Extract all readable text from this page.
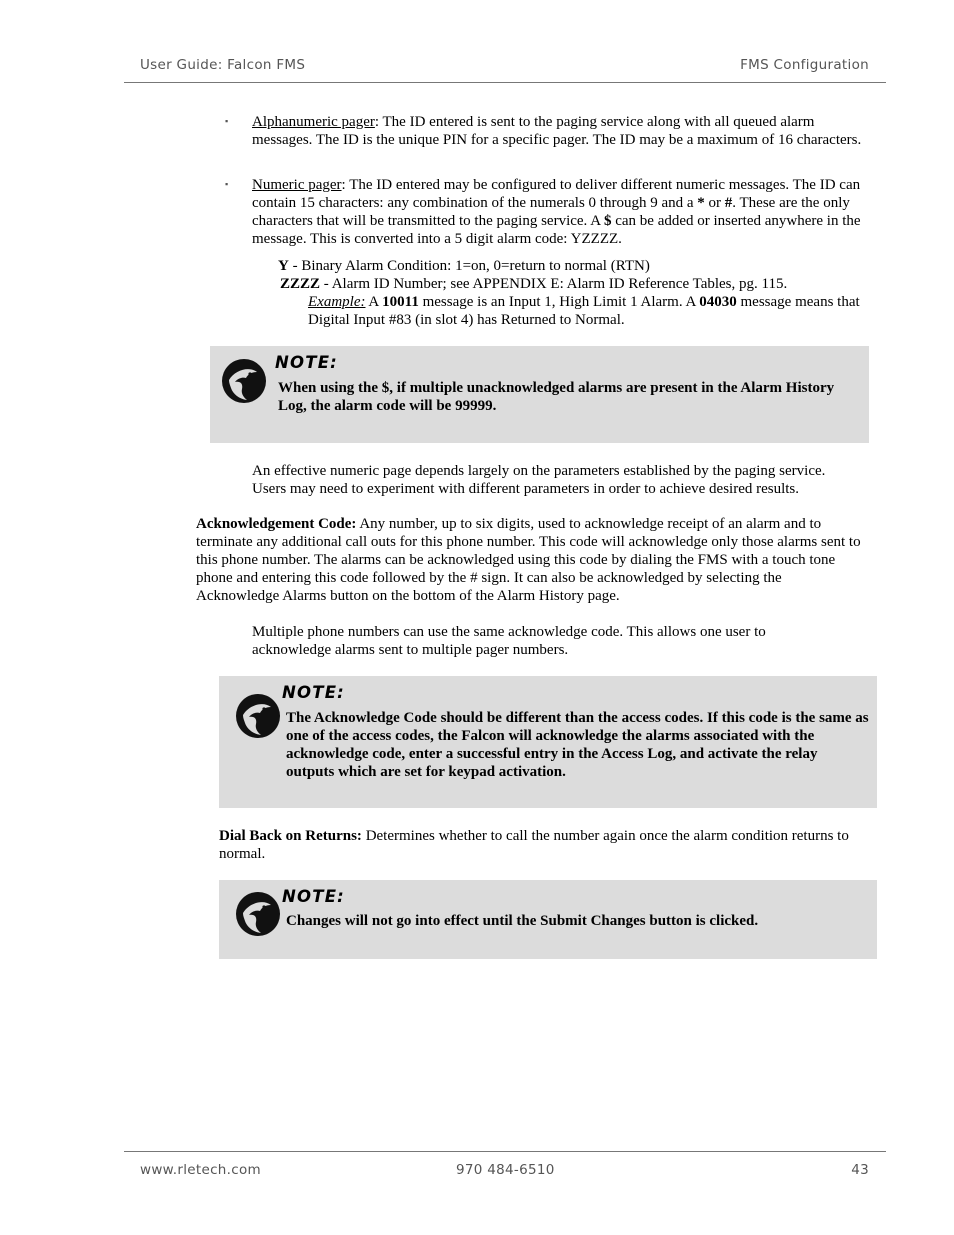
User Guide: Falcon FMS	FMS Configuration
▪ Alphanumeric pager: The ID entered is sent to the paging service along with all queued alarm messages. The ID is the unique PIN for a specific pager. The ID may be a maximum of 16 characters.
▪ Numeric pager: The ID entered may be configured to deliver different numeric messages. The ID can contain 15 characters: any combination of the numerals 0 through 9 and a * or #. These are the only characters that will be transmitted to the paging service. A $ can be added or inserted anywhere in the message. This is converted into a 5 digit alarm code: YZZZZ.
Y - Binary Alarm Condition: 1=on, 0=return to normal (RTN)
ZZZZ - Alarm ID Number; see APPENDIX E: Alarm ID Reference Tables, pg. 115.
Example: A 10011 message is an Input 1, High Limit 1 Alarm. A 04030 message means that Digital Input #83 (in slot 4) has Returned to Normal.
NOTE:
When using the $, if multiple unacknowledged alarms are present in the Alarm History Log, the alarm code will be 99999.
An effective numeric page depends largely on the parameters established by the paging service. Users may need to experiment with different parameters in order to achieve desired results.
Acknowledgement Code: Any number, up to six digits, used to acknowledge receipt of an alarm and to terminate any additional call outs for this phone number. This code will acknowledge only those alarms sent to this phone number. The alarms can be acknowledged using this code by dialing the FMS with a touch tone phone and entering this code followed by the # sign. It can also be acknowledged by selecting the Acknowledge Alarms button on the bottom of the Alarm History page.
Multiple phone numbers can use the same acknowledge code. This allows one user to acknowledge alarms sent to multiple pager numbers.
NOTE:
The Acknowledge Code should be different than the access codes. If this code is the same as one of the access codes, the Falcon will acknowledge the alarms associated with the acknowledge code, enter a successful entry in the Access Log, and activate the relay outputs which are set for keypad activation.
Dial Back on Returns: Determines whether to call the number again once the alarm condition returns to normal.
NOTE:
Changes will not go into effect until the Submit Changes button is clicked.
www.rletech.com	970 484-6510	43
